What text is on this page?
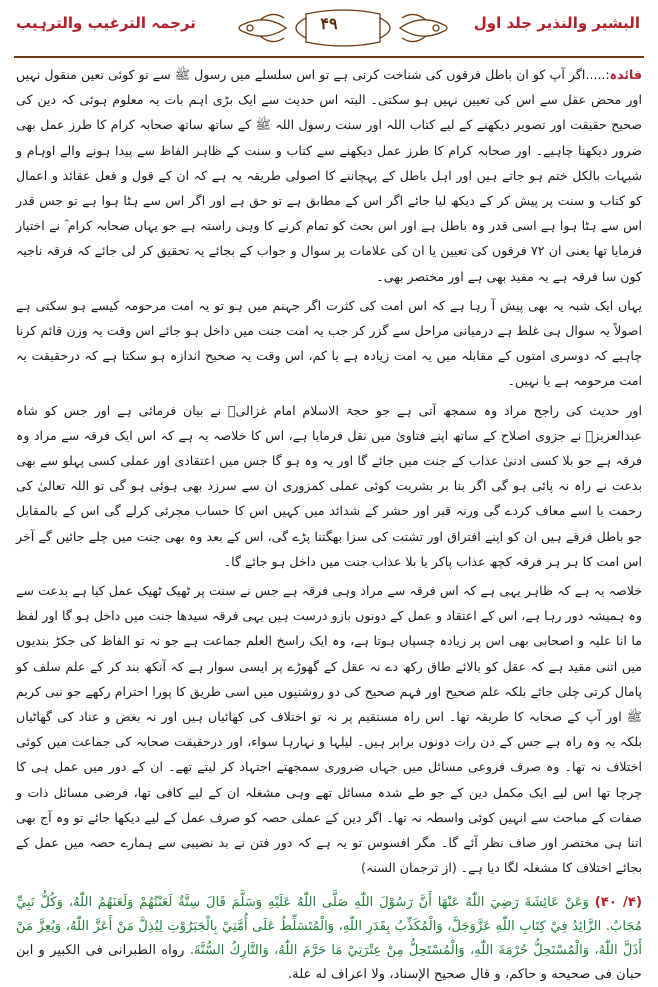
البشیر والنذیر جلد اول
۴۹
ترجمہ الترغیب والترہیب

فائدہ:.....اگر آپ کو ان باطل فرقوں کی شناخت کرنی ہے تو اس سلسلے میں رسول ﷺ سے تو کوئی تعین منقول نہیں اور محض عقل سے اس کی تعیین نہیں ہو سکتی۔ البتہ اس حدیث سے ایک بڑی اہم بات یہ معلوم ہوئی کہ دین کی صحیح حقیقت اور تصویر دیکھنے کے لیے کتاب اللہ اور سنت رسول اللہ ﷺ کے ساتھ ساتھ صحابہ کرام کا طرز عمل بھی ضرور دیکھنا چاہیے۔ اور صحابہ کرام کا طرز عمل دیکھنے سے کتاب و سنت کے ظاہر الفاظ سے پیدا ہونے والے اوہام و شبہات بالکل ختم ہو جاتے ہیں اور اہل باطل کے پہچاننے کا اصولی طریقہ یہ ہے کہ ان کے قول و فعل عقائد و اعمال کو کتاب و سنت پر پیش کر کے دیکھ لیا جائے اگر اس کے مطابق ہے تو حق ہے اور اگر اس سے ہٹا ہوا ہے تو جس قدر اس سے ہٹا ہوا ہے اسی قدر وہ باطل ہے اور اس بحث کو تمام کرنے کا وہی راستہ ہے جو یہاں صحابہ کرام ؓ نے اختیار فرمایا تھا یعنی ان ۷۲ فرقوں کی تعیین یا ان کی علامات پر سوال و جواب کے بجائے یہ تحقیق کر لی جائے کہ فرقہ ناجیہ کون سا فرقہ ہے یہ مفید بھی ہے اور مختصر بھی۔

یہاں ایک شبہ یہ بھی پیش آ رہا ہے کہ اس امت کی کثرت اگر جہنم میں ہو تو یہ امت مرحومہ کیسے ہو سکتی ہے اصولاً یہ سوال ہی غلط ہے درمیانی مراحل سے گزر کر جب یہ امت جنت میں داخل ہو جائے اس وقت یہ وزن قائم کرنا چاہیے کہ دوسری امتوں کے مقابلہ میں یہ امت زیادہ ہے یا کم، اس وقت یہ صحیح اندازہ ہو سکتا ہے کہ درحقیقت یہ امت مرحومہ ہے یا نہیں۔

اور حدیث کی راجح مراد وہ سمجھ آتی ہے جو حجۃ الاسلام امام غزالیؒ نے بیان فرمائی ہے اور جس کو شاہ عبدالعزیزؒ نے جزوی اصلاح کے ساتھ اپنے فتاویٰ میں نقل فرمایا ہے، اس کا خلاصہ یہ ہے کہ اس ایک فرقہ سے مراد وہ فرقہ ہے جو بلا کسی ادنیٰ عذاب کے جنت میں جائے گا اور یہ وہ ہو گا جس میں اعتقادی اور عملی کسی پہلو سے بھی بدعت نے راہ نہ پائی ہو گی اگر بنا بر بشریت کوئی عملی کمزوری ان سے سرزد بھی ہوئی ہو گی تو اللہ تعالیٰ کی رحمت یا اسے معاف کردے گی ورنہ قبر اور حشر کے شدائد میں کہیں اس کا حساب مجرئی کرلے گی اس کے بالمقابل جو باطل فرقے ہیں ان کو اپنے افتراق اور تشتت کی سزا بھگتنا پڑے گی، اس کے بعد وہ بھی جنت میں چلے جائیں گے آخر اس امت کا ہر ہر فرقہ کچھ عذاب پاکر یا بلا عذاب جنت میں داخل ہو جائے گا۔

خلاصہ یہ ہے کہ ظاہر یہی ہے کہ اس فرقہ سے مراد وہی فرقہ ہے جس نے سنت پر ٹھیک ٹھیک عمل کیا ہے بدعت سے وہ ہمیشہ دور رہا ہے، اس کے اعتقاد و عمل کے دونوں بازو درست ہیں یہی فرقہ سیدھا جنت میں داخل ہو گا اور لفظ ما انا علیہ و اصحابی بھی اس پر زیادہ چسپاں ہوتا ہے، وہ ایک راسخ العلم جماعت ہے جو نہ تو الفاظ کی جکڑ بندیوں میں اتنی مقید ہے کہ عقل کو بالائے طاق رکھ دے نہ عقل کے گھوڑے پر ایسی سوار ہے کہ آنکھ بند کر کے علم سلف کو پامال کرتی چلی جائے بلکہ علم صحیح اور فہم صحیح کی دو روشنیوں میں اسی طریق کا پورا احترام رکھے جو نبی کریم ﷺ اور آپ کے صحابہ کا طریقہ تھا۔ اس راہ مستقیم پر نہ تو اختلاف کی کھائیاں ہیں اور نہ بغض و عناد کی گھاٹیاں بلکہ یہ وہ راہ ہے جس کے دن رات دونوں برابر ہیں۔ لیلہا و نہارہا سواء، اور درحقیقت صحابہ کی جماعت میں کوئی اختلاف نہ تھا۔ وہ صرف فروعی مسائل میں جہاں ضروری سمجھتے اجتہاد کر لیتے تھے۔ ان کے دور میں عمل ہی کا چرچا تھا اس لیے ایک مکمل دین کے جو طے شدہ مسائل تھے وہی مشغلہ ان کے لیے کافی تھا، فرضی مسائل ذات و صفات کے مباحث سے انہیں کوئی واسطہ نہ تھا۔ اگر دین کے عملی حصہ کو صرف عمل کے لیے دیکھا جائے تو وہ آج بھی اتنا ہی مختصر اور صاف نظر آئے گا۔ مگر افسوس تو یہ ہے کہ دور فتن نے بد نصیبی سے ہمارے حصہ میں عمل کے بجائے اختلاف کا مشغلہ لگا دیا ہے۔ (از ترجمان السنہ)

(۴/ ۴۰) وَعَنْ عَائِشَةَ رَضِيَ اللّٰهُ عَنْهَا أَنَّ رَسُوْلَ اللّٰهِ صَلَّى اللّٰهُ عَلَيْهِ وَسَلَّمَ قَالَ سِتَّةٌ لَعَنْتُهُمْ وَلَعَنَهُمُ اللّٰهُ، وَكُلُّ نَبِيٍّ مُجَابٌ. الزَّائِدُ فِيْ كِتَابِ اللّٰهِ عَزَّوَجَلَّ، وَالْمُكَذِّبُ بِقَدَرِ اللّٰهِ، وَالْمُتَسَلِّطُ عَلَى أُمَّتِيْ بِالْجَبَرُوْتِ لِيُذِلَّ مَنْ أَعَزَّ اللّٰهُ، وَيُعِزَّ مَنْ أَذَلَّ اللّٰهُ، وَالْمُسْتَحِلُّ حُرْمَةَ اللّٰهِ، وَالْمُسْتَحِلُّ مِنْ عِتْرَتِيْ مَا حَرَّمَ اللّٰهُ، وَالتَّارِكُ السُّنَّةَ. رواه الطبرانی فی الكبير و ابن حبان فی صحيحه و حاكم، و قال صحيح الإسناد، ولا اعراف له علة.
